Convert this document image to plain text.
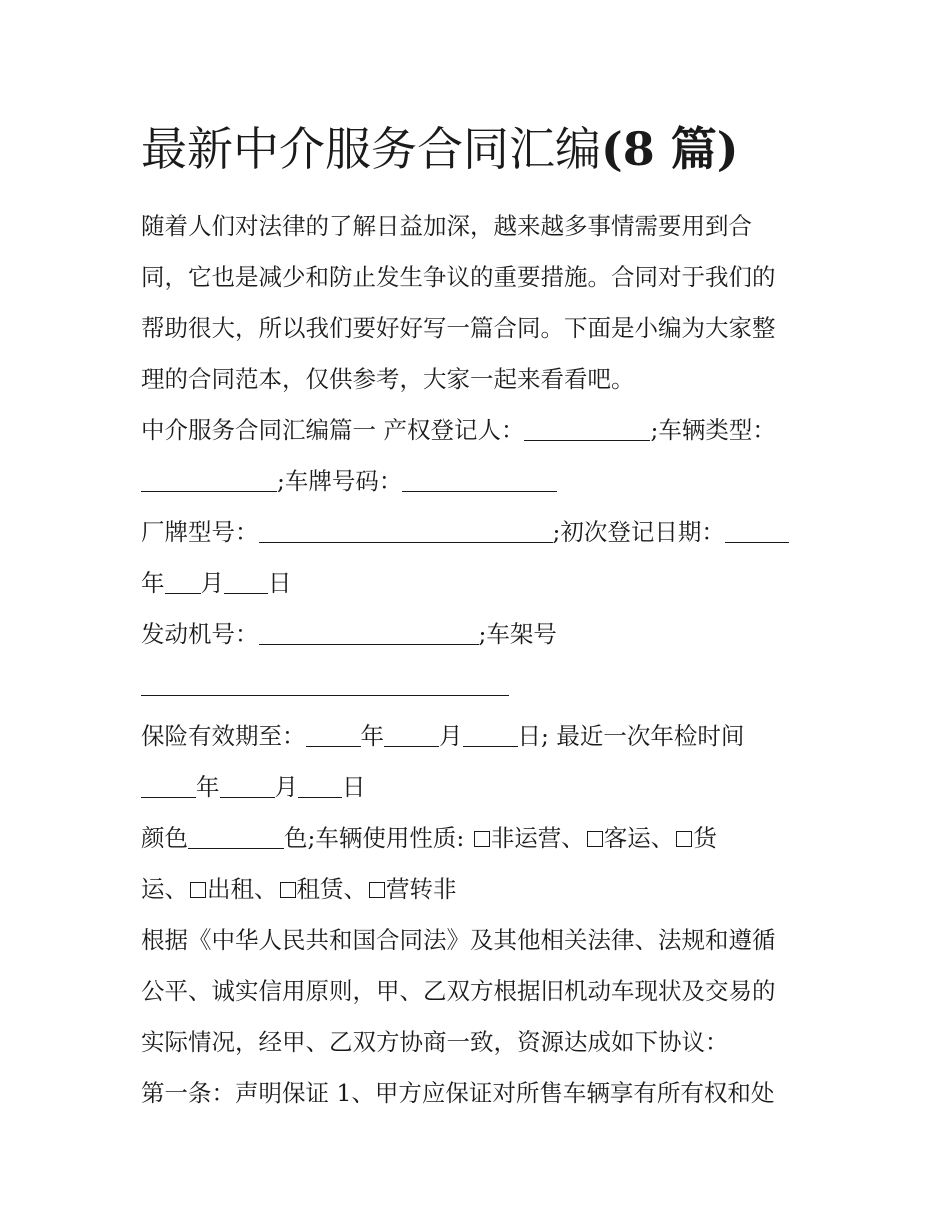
最新中介服务合同汇编(8 篇)

随着人们对法律的了解日益加深，越来越多事情需要用到合

同，它也是减少和防止发生争议的重要措施。合同对于我们的

帮助很大，所以我们要好好写一篇合同。下面是小编为大家整

理的合同范本，仅供参考，大家一起来看看吧。

中介服务合同汇编篇一 产权登记人：	;车辆类型：

;车牌号码：

厂牌型号：	;初次登记日期：

年 月 日

发动机号：	;车架号

保险有效期至： 年 月 日; 最近一次年检时间

年 月 日

颜色	色;车辆使用性质: 非运营、 客运、 货

运、 出租、 租赁、 营转非

根据《中华人民共和国合同法》及其他相关法律、法规和遵循

公平、诚实信用原则，甲、乙双方根据旧机动车现状及交易的

实际情况，经甲、乙双方协商一致，资源达成如下协议：

第一条：声明保证 1、甲方应保证对所售车辆享有所有权和处
